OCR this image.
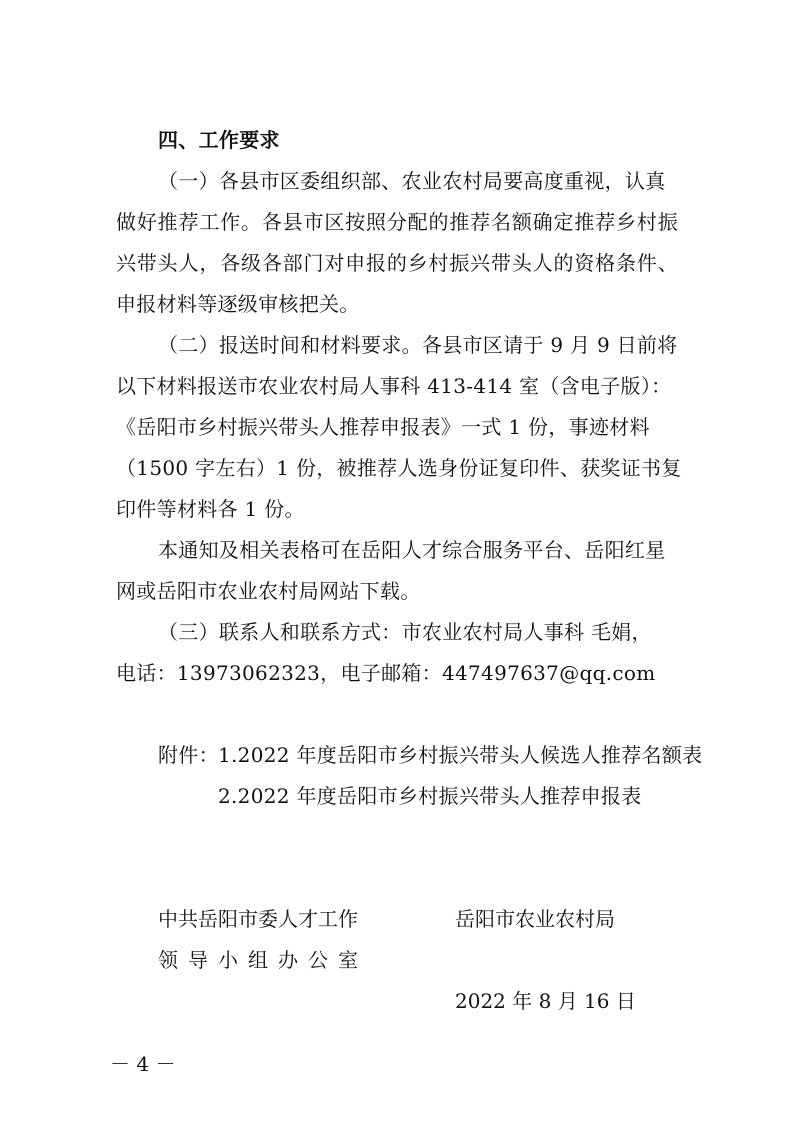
四、工作要求
（一）各县市区委组织部、农业农村局要高度重视，认真
做好推荐工作。各县市区按照分配的推荐名额确定推荐乡村振
兴带头人，各级各部门对申报的乡村振兴带头人的资格条件、
申报材料等逐级审核把关。
（二）报送时间和材料要求。各县市区请于 9 月 9 日前将
以下材料报送市农业农村局人事科 413-414 室（含电子版）：
《岳阳市乡村振兴带头人推荐申报表》一式 1 份，事迹材料
（1500 字左右）1 份，被推荐人选身份证复印件、获奖证书复
印件等材料各 1 份。
本通知及相关表格可在岳阳人才综合服务平台、岳阳红星
网或岳阳市农业农村局网站下载。
（三）联系人和联系方式：市农业农村局人事科 毛娟，
电话：13973062323，电子邮箱：447497637@qq.com
附件： 1.2022 年度岳阳市乡村振兴带头人候选人推荐名额表
2.2022 年度岳阳市乡村振兴带头人推荐申报表
中共岳阳市委人才工作
领导小组办公室
岳阳市农业农村局
2022 年 8 月 16 日
－ 4 －
